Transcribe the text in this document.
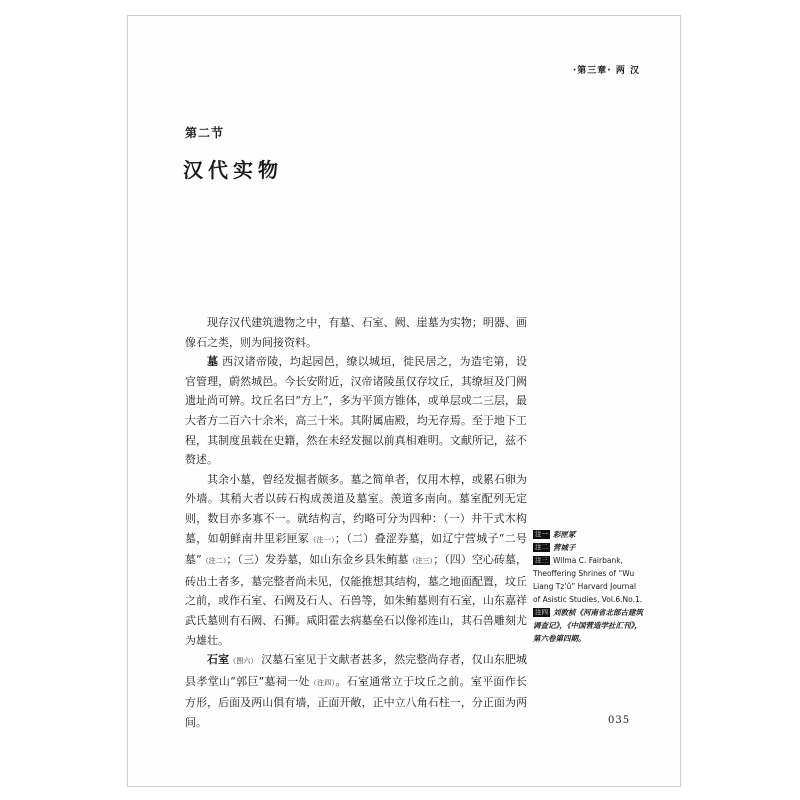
·第三章· 两 汉
第二节
汉代实物

现存汉代建筑遗物之中，有墓、石室、阙、崖墓为实物；明器、画像石之类，则为间接资料。

墓 西汉诸帝陵，均起园邑，缭以城垣，徙民居之，为造宅第，设官管理，蔚然城邑。今长安附近，汉帝诸陵虽仅存坟丘，其缭垣及门阙遗址尚可辨。坟丘名曰“方上”，多为平顶方锥体，或单层或二三层，最大者方二百六十余米，高三十米。其附属庙殿，均无存焉。至于地下工程，其制度虽载在史籍，然在未经发掘以前真相难明。文献所记，兹不赘述。

其余小墓，曾经发掘者颇多。墓之简单者，仅用木椁，或累石卵为外墙。其稍大者以砖石构成羡道及墓室。羡道多南向。墓室配列无定则，数目亦多寡不一。就结构言，约略可分为四种：（一）井干式木构墓，如朝鲜南井里彩匣冢（注一）；（二）叠涩券墓，如辽宁营城子“二号墓”（注二）；（三）发券墓，如山东金乡县朱鲔墓（注三）；（四）空心砖墓，砖出土者多，墓完整者尚未见，仅能推想其结构，墓之地面配置，坟丘之前，或作石室、石阙及石人、石兽等，如朱鲔墓则有石室，山东嘉祥武氏墓则有石阙、石狮。咸阳霍去病墓垒石以像祁连山，其石兽雕刻尤为雄壮。

石室（图六） 汉墓石室见于文献者甚多，然完整尚存者，仅山东肥城县孝堂山“郭巨”墓祠一处（注四）。石室通常立于坟丘之前。室平面作长方形，后面及两山俱有墙，正面开敞，正中立八角石柱一，分正面为两间。

注一 彩匣冢
注二 营城子
注三 Wilma C. Fairbank, Theoffering Shrines of “Wu Liang Tz’û” Harvard Journal of Asistic Studies, Vol.6.No.1.
注四 刘敦桢《河南省北部古建筑调查记》，《中国营造学社汇刊》，第六卷第四期。
035
